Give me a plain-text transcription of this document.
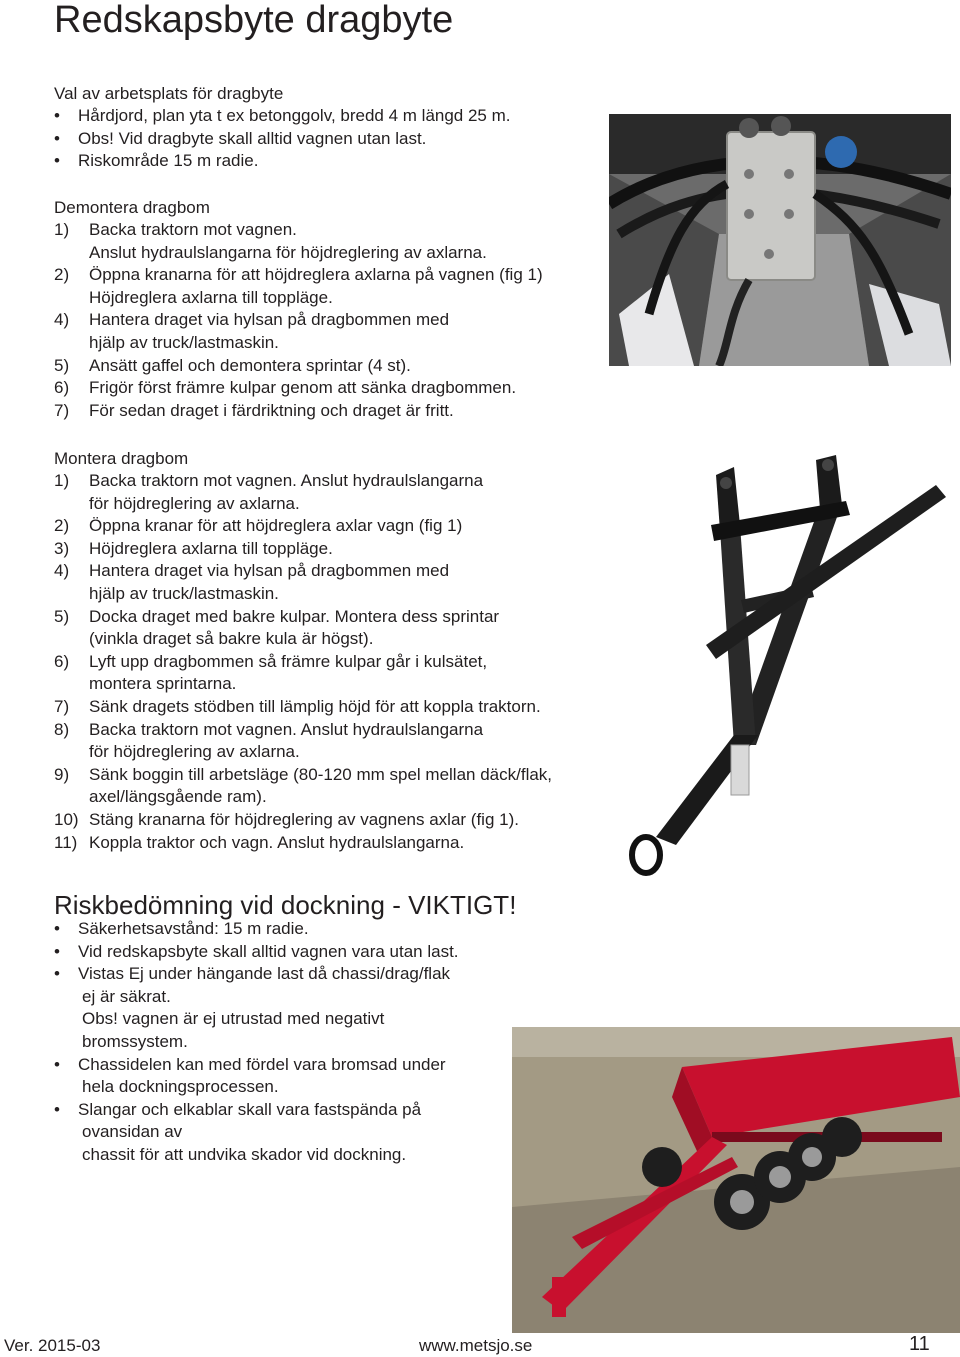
Redskapsbyte dragbyte
Val av arbetsplats för dragbyte
• Hårdjord, plan yta t ex betonggolv, bredd 4 m längd 25 m.
• Obs! Vid dragbyte skall alltid vagnen utan last.
• Riskområde 15 m radie.
Demontera dragbom
1) Backa traktorn mot vagnen.
Anslut hydraulslangarna för höjdreglering av axlarna.
2) Öppna kranarna för att höjdreglera axlarna på vagnen (fig 1)
Höjdreglera axlarna till toppläge.
4) Hantera draget via hylsan på dragbommen med
hjälp av truck/lastmaskin.
5) Ansätt gaffel och demontera sprintar (4 st).
6) Frigör först främre kulpar genom att sänka dragbommen.
7) För sedan draget i färdriktning och draget är fritt.
Montera dragbom
1) Backa traktorn mot vagnen. Anslut hydraulslangarna
för höjdreglering av axlarna.
2) Öppna kranar för att höjdreglera axlar vagn (fig 1)
3) Höjdreglera axlarna till toppläge.
4) Hantera draget via hylsan på dragbommen med
hjälp av truck/lastmaskin.
5) Docka draget med bakre kulpar. Montera dess sprintar
(vinkla draget så bakre kula är högst).
6) Lyft upp dragbommen så främre kulpar går i kulsätet,
montera sprintarna.
7) Sänk dragets stödben till lämplig höjd för att koppla traktorn.
8) Backa traktorn mot vagnen. Anslut hydraulslangarna
för höjdreglering av axlarna.
9) Sänk boggin till arbetsläge (80-120 mm spel mellan däck/flak,
axel/längsgående ram).
10) Stäng kranarna för höjdreglering av vagnens axlar (fig 1).
11) Koppla traktor och vagn. Anslut hydraulslangarna.
Riskbedömning vid dockning - VIKTIGT!
• Säkerhetsavstånd: 15 m radie.
• Vid redskapsbyte skall alltid vagnen vara utan last.
• Vistas Ej under hängande last då chassi/drag/flak
ej är säkrat.
Obs! vagnen är ej utrustad med negativt
bromssystem.
• Chassidelen kan med fördel vara bromsad under
hela dockningsprocessen.
• Slangar och elkablar skall vara fastspända på
ovansidan av
chassit för att undvika skador vid dockning.
Ver. 2015-03	www.metsjo.se	11
